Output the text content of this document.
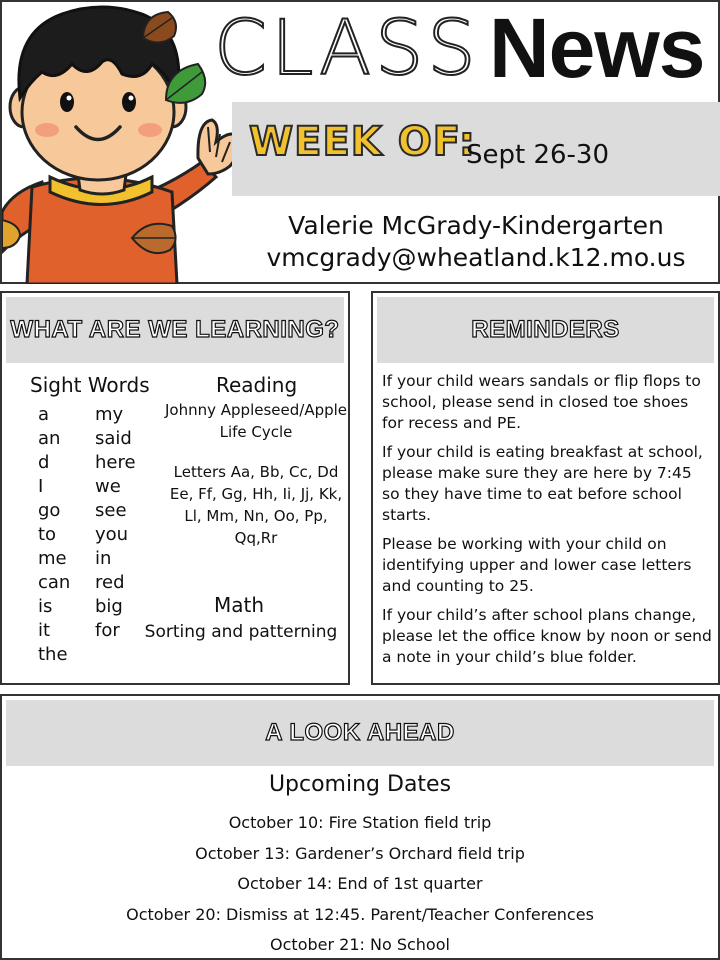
CLASS News
WEEK OF:
Sept 26-30
Valerie McGrady-Kindergarten
vmcgrady@wheatland.k12.mo.us
WHAT ARE WE LEARNING?
Sight Words
a
an
d
I
go
to
me
can
is
it
the
my
said
here
we
see
you
in
red
big
for
Reading
Johnny Appleseed/Apple Life Cycle
Letters Aa, Bb, Cc, Dd Ee, Ff, Gg, Hh, Ii, Jj, Kk, Ll, Mm, Nn, Oo, Pp, Qq,Rr
Math
Sorting and patterning
REMINDERS

If your child wears sandals or flip flops to school, please send in closed toe shoes for recess and PE.

If your child is eating breakfast at school, please make sure they are here by 7:45 so they have time to eat before school starts.

Please be working with your child on identifying upper and lower case letters and counting to 25.

If your child’s after school plans change, please let the office know by noon or send a note in your child’s blue folder.

A LOOK AHEAD
Upcoming Dates
October 10: Fire Station field trip
October 13: Gardener’s Orchard field trip
October 14: End of 1st quarter
October 20: Dismiss at 12:45. Parent/Teacher Conferences
October 21: No School
